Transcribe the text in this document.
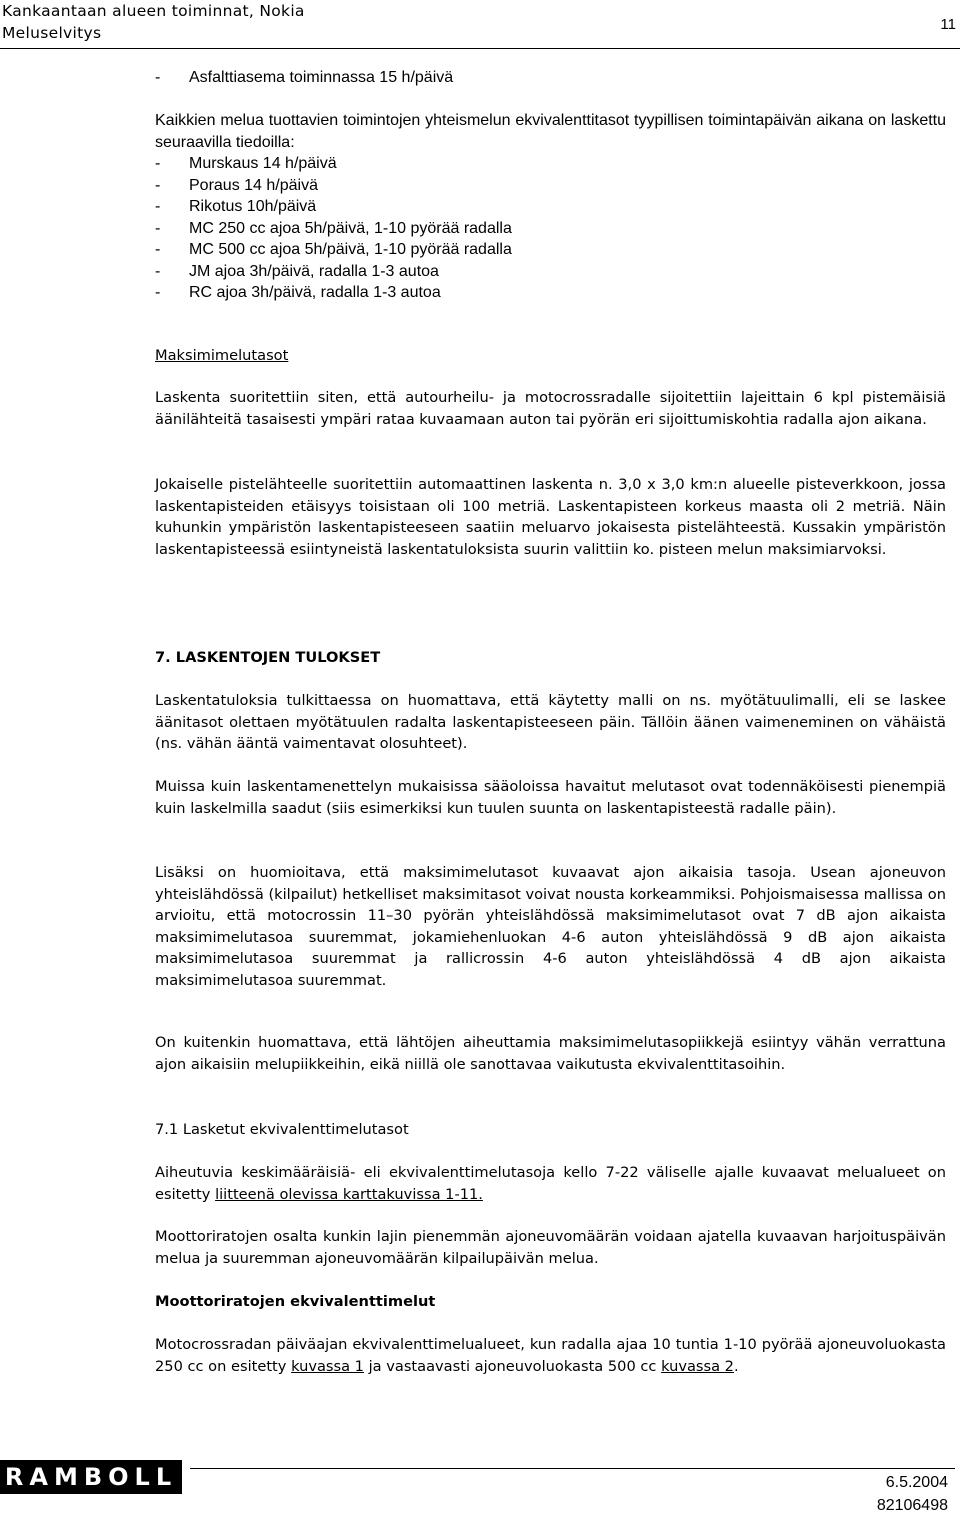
Kankaantaan alueen toiminnat, Nokia
Meluselvitys	11
- Asfalttiasema toiminnassa 15 h/päivä
Kaikkien melua tuottavien toimintojen yhteismelun ekvivalenttitasot tyypillisen toimintapäivän aikana on laskettu seuraavilla tiedoilla:
- Murskaus 14 h/päivä
- Poraus 14 h/päivä
- Rikotus 10h/päivä
- MC 250 cc ajoa 5h/päivä, 1-10 pyörää radalla
- MC 500 cc ajoa 5h/päivä, 1-10 pyörää radalla
- JM ajoa 3h/päivä, radalla 1-3 autoa
- RC ajoa 3h/päivä, radalla 1-3 autoa
Maksimimelutasot
Laskenta suoritettiin siten, että autourheilu- ja motocrossradalle sijoitettiin lajeittain 6 kpl pistemäisiä äänilähteitä tasaisesti ympäri rataa kuvaamaan auton tai pyörän eri sijoittumiskohtia radalla ajon aikana.
Jokaiselle pistelähteelle suoritettiin automaattinen laskenta n. 3,0 x 3,0 km:n alueelle pisteverkkoon, jossa laskentapisteiden etäisyys toisistaan oli 100 metriä. Laskentapisteen korkeus maasta oli 2 metriä. Näin kuhunkin ympäristön laskentapisteeseen saatiin meluarvo jokaisesta pistelähteestä. Kussakin ympäristön laskentapisteessä esiintyneistä laskentatuloksista suurin valittiin ko. pisteen melun maksimiarvoksi.
7. LASKENTOJEN TULOKSET
Laskentatuloksia tulkittaessa on huomattava, että käytetty malli on ns. myötätuulimalli, eli se laskee äänitasot olettaen myötätuulen radalta laskentapisteeseen päin. Tällöin äänen vaimeneminen on vähäistä (ns. vähän ääntä vaimentavat olosuhteet).
Muissa kuin laskentamenettelyn mukaisissa sääoloissa havaitut melutasot ovat todennäköisesti pienempiä kuin laskelmilla saadut (siis esimerkiksi kun tuulen suunta on laskentapisteestä radalle päin).
Lisäksi on huomioitava, että maksimimelutasot kuvaavat ajon aikaisia tasoja. Usean ajoneuvon yhteislähdössä (kilpailut) hetkelliset maksimitasot voivat nousta korkeammiksi. Pohjoismaisessa mallissa on arvioitu, että motocrossin 11–30 pyörän yhteislähdössä maksimimelutasot ovat 7 dB ajon aikaista maksimimelutasoa suuremmat, jokamiehenluokan 4-6 auton yhteislähdössä 9 dB ajon aikaista maksimimelutasoa suuremmat ja rallicrossin 4-6 auton yhteislähdössä 4 dB ajon aikaista maksimimelutasoa suuremmat.
On kuitenkin huomattava, että lähtöjen aiheuttamia maksimimelutasopiikkejä esiintyy vähän verrattuna ajon aikaisiin melupiikkeihin, eikä niillä ole sanottavaa vaikutusta ekvivalenttitasoihin.
7.1 Lasketut ekvivalenttimelutasot
Aiheutuvia keskimääräisiä- eli ekvivalenttimelutasoja kello 7-22 väliselle ajalle kuvaavat melualueet on esitetty liitteenä olevissa karttakuvissa 1-11.
Moottoriratojen osalta kunkin lajin pienemmän ajoneuvomäärän voidaan ajatella kuvaavan harjoituspäivän melua ja suuremman ajoneuvomäärän kilpailupäivän melua.
Moottoriratojen ekvivalenttimelut
Motocrossradan päiväajan ekvivalenttimelualueet, kun radalla ajaa 10 tuntia 1-10 pyörää ajoneuvoluokasta 250 cc on esitetty kuvassa 1 ja vastaavasti ajoneuvoluokasta 500 cc kuvassa 2.
RAMBOLL	6.5.2004
82106498
